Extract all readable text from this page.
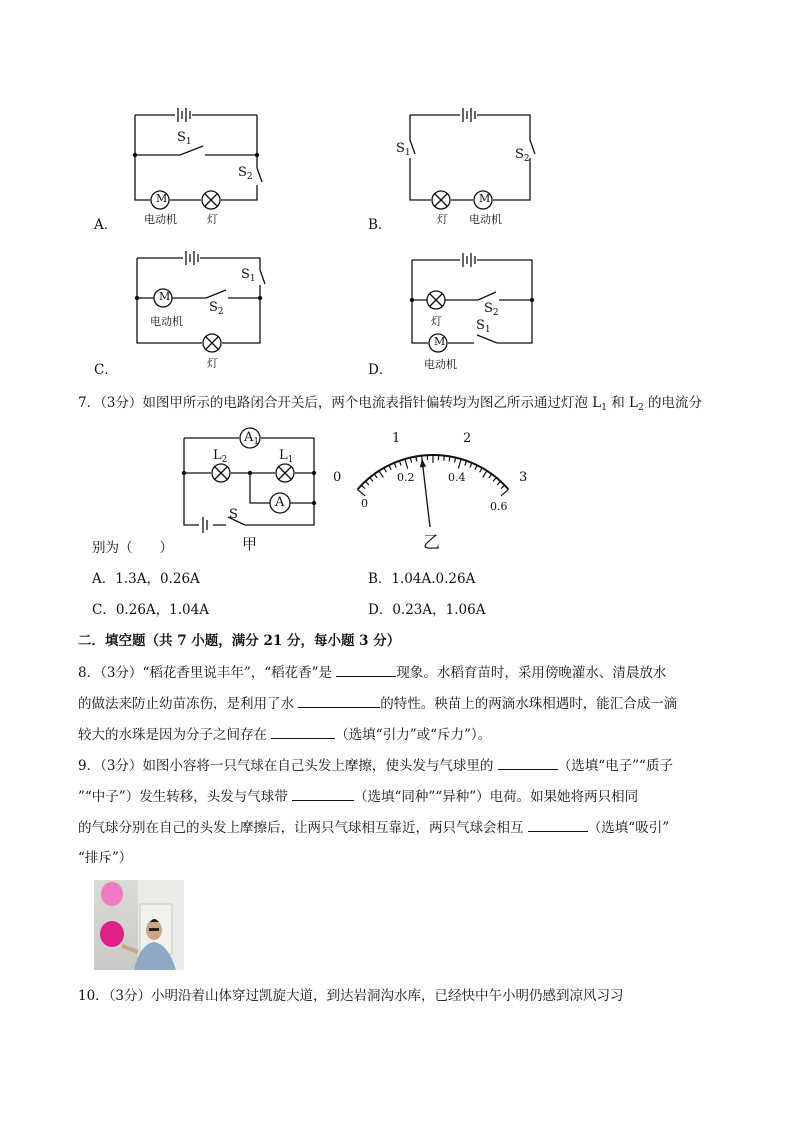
M
$S_1$
$S_2$
电动机	灯
A．
M
$S_1$	$S_2$
灯 电动机
B．
M
$S_1$
$S_2$
电动机
灯
C．
M
$S_1$
$S_2$
灯
电动机
D．
7．（3分）如图甲所示的电路闭合开关后，两个电流表指针偏转均为图乙所示通过灯泡 $L_1$ 和 $L_2$ 的电流分
$A_1$
A
$L_2$	$L_1$
S
甲
0
1	2
3
0
0.2	0.4
0.6
乙
别为（　　）
A．1.3A，0.26A	B．1.04A.0.26A
C．0.26A，1.04A	D．0.23A，1.06A
二．填空题（共 7 小题，满分 21 分，每小题 3 分）
8．（3分）“稻花香里说丰年”，“稻花香”是	现象。水稻育苗时，采用傍晚灌水、清晨放水
的做法来防止幼苗冻伤，是利用了水	的特性。秧苗上的两滴水珠相遇时，能汇合成一滴
较大的水珠是因为分子之间存在	（选填“引力”或“斥力”）。
9．（3分）如图小容将一只气球在自己头发上摩擦，使头发与气球里的	（选填“电子”“质子
”“中子”）发生转移，头发与气球带	（选填“同种”“异种”）电荷。如果她将两只相同
的气球分别在自己的头发上摩擦后，让两只气球相互靠近，两只气球会相互	（选填“吸引”
“排斥”）
10．（3分）小明沿着山体穿过凯旋大道，到达岩洞沟水库，已经快中午小明仍感到凉风习习
